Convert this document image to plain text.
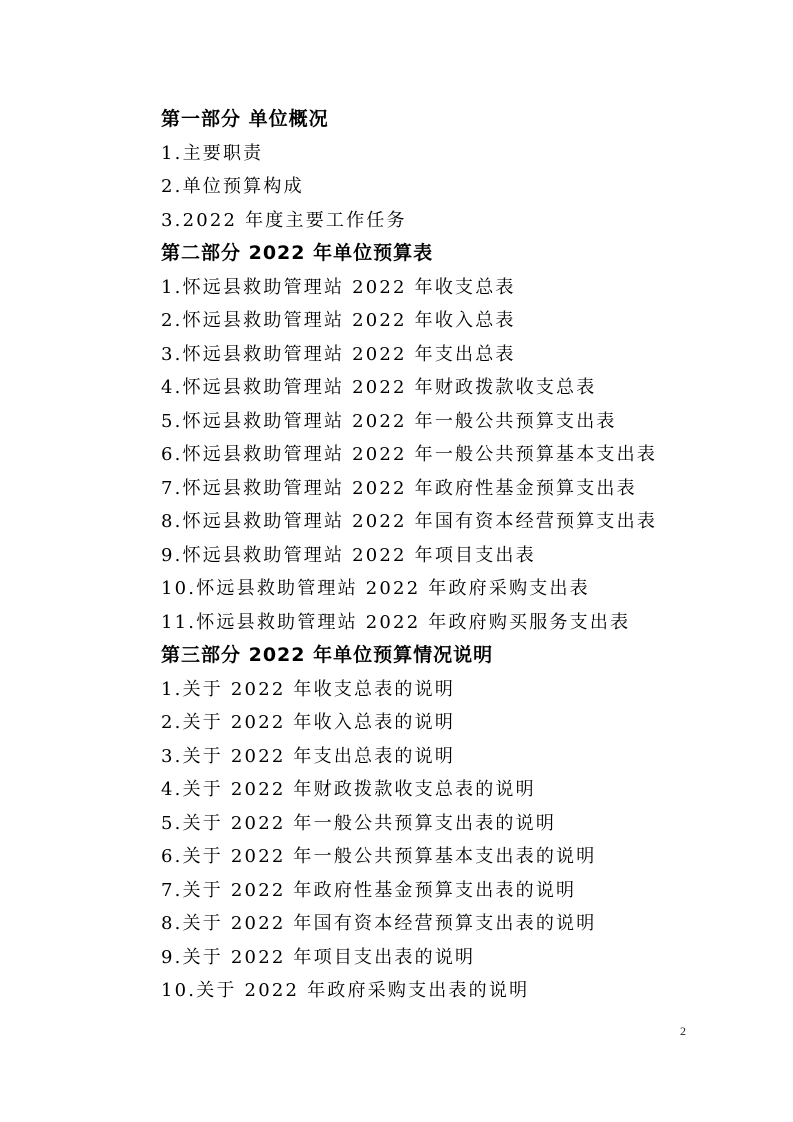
第一部分 单位概况
1.主要职责
2.单位预算构成
3.2022 年度主要工作任务
第二部分 2022 年单位预算表
1.怀远县救助管理站 2022 年收支总表
2.怀远县救助管理站 2022 年收入总表
3.怀远县救助管理站 2022 年支出总表
4.怀远县救助管理站 2022 年财政拨款收支总表
5.怀远县救助管理站 2022 年一般公共预算支出表
6.怀远县救助管理站 2022 年一般公共预算基本支出表
7.怀远县救助管理站 2022 年政府性基金预算支出表
8.怀远县救助管理站 2022 年国有资本经营预算支出表
9.怀远县救助管理站 2022 年项目支出表
10.怀远县救助管理站 2022 年政府采购支出表
11.怀远县救助管理站 2022 年政府购买服务支出表
第三部分 2022 年单位预算情况说明
1.关于 2022 年收支总表的说明
2.关于 2022 年收入总表的说明
3.关于 2022 年支出总表的说明
4.关于 2022 年财政拨款收支总表的说明
5.关于 2022 年一般公共预算支出表的说明
6.关于 2022 年一般公共预算基本支出表的说明
7.关于 2022 年政府性基金预算支出表的说明
8.关于 2022 年国有资本经营预算支出表的说明
9.关于 2022 年项目支出表的说明
10.关于 2022 年政府采购支出表的说明
2
